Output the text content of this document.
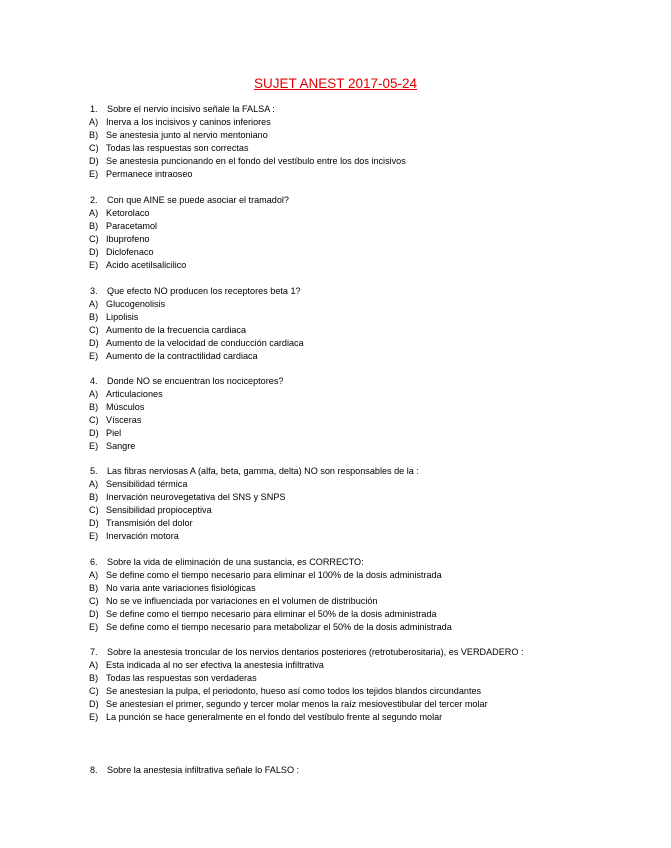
SUJET ANEST 2017-05-24
1.	Sobre el nervio incisivo señale la FALSA :
A) Inerva a los incisivos y caninos inferiores
B) Se anestesia junto al nervio mentoniano
C) Todas las respuestas son correctas
D) Se anestesia puncionando en el fondo del vestíbulo entre los dos incisivos
E) Permanece intraoseo
2.	Con que AINE se puede asociar el tramadol?
A) Ketorolaco
B) Paracetamol
C) Ibuprofeno
D) Diclofenaco
E) Acido acetilsalicilico
3.	Que efecto NO producen los receptores beta 1?
A) Glucogenolisis
B) Lipolisis
C) Aumento de la frecuencia cardiaca
D) Aumento de la velocidad de conducción cardiaca
E) Aumento de la contractilidad cardiaca
4.	Donde NO se encuentran los nociceptores?
A) Articulaciones
B) Músculos
C) Vísceras
D) Piel
E) Sangre
5.	Las fibras nerviosas A (alfa, beta, gamma, delta) NO son responsables de la :
A) Sensibilidad térmica
B) Inervación neurovegetativa del SNS y SNPS
C) Sensibilidad propioceptiva
D) Transmisión del dolor
E) Inervación motora
6.	Sobre la vida de eliminación de una sustancia, es CORRECTO:
A) Se define como el tiempo necesario para eliminar el 100% de la dosis administrada
B) No varia ante variaciones fisiológicas
C) No se ve influenciada por variaciones en el volumen de distribución
D) Se define como el tiempo necesario para eliminar el 50% de la dosis administrada
E) Se define como el tiempo necesario para metabolizar el 50% de la dosis administrada
7.	Sobre la anestesia troncular de los nervios dentarios posteriores (retrotuberositaria), es VERDADERO :
A) Esta indicada al no ser efectiva la anestesia infiltrativa
B) Todas las respuestas son verdaderas
C) Se anestesian la pulpa, el periodonto, hueso así como todos los tejidos blandos circundantes
D) Se anestesian el primer, segundo y tercer molar menos la raíz mesiovestibular del tercer molar
E) La punción se hace generalmente en el fondo del vestíbulo frente al segundo molar
8.	Sobre la anestesia infiltrativa señale lo FALSO :
